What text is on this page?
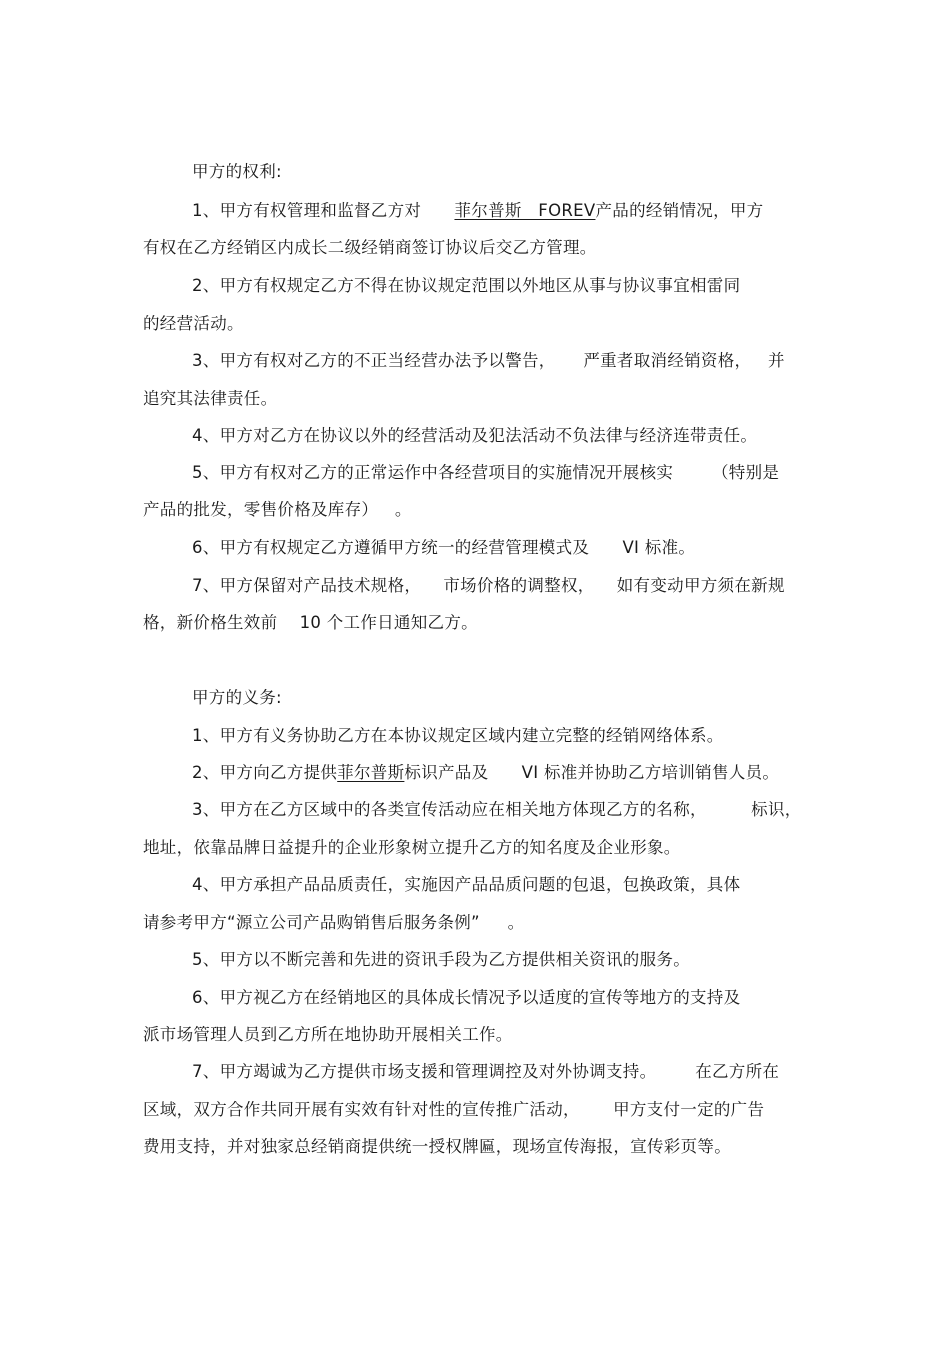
甲方的权利:
1、甲方有权管理和监督乙方对      菲尔普斯   FOREV产品的经销情况，甲方
有权在乙方经销区内成长二级经销商签订协议后交乙方管理。
2、甲方有权规定乙方不得在协议规定范围以外地区从事与协议事宜相雷同
的经营活动。
3、甲方有权对乙方的不正当经营办法予以警告，     严重者取消经销资格，   并
追究其法律责任。
4、甲方对乙方在协议以外的经营活动及犯法活动不负法律与经济连带责任。
5、甲方有权对乙方的正常运作中各经营项目的实施情况开展核实       （特别是
产品的批发，零售价格及库存）   。
6、甲方有权规定乙方遵循甲方统一的经营管理模式及      VI 标准。
7、甲方保留对产品技术规格，    市场价格的调整权，    如有变动甲方须在新规
格，新价格生效前    10 个工作日通知乙方。
甲方的义务:
1、甲方有义务协助乙方在本协议规定区域内建立完整的经销网络体系。
2、甲方向乙方提供菲尔普斯标识产品及      VI 标准并协助乙方培训销售人员。
3、甲方在乙方区域中的各类宣传活动应在相关地方体现乙方的名称，        标识，
地址，依靠品牌日益提升的企业形象树立提升乙方的知名度及企业形象。
4、甲方承担产品品质责任，实施因产品品质问题的包退，包换政策，具体
请参考甲方“源立公司产品购销售后服务条例”     。
5、甲方以不断完善和先进的资讯手段为乙方提供相关资讯的服务。
6、甲方视乙方在经销地区的具体成长情况予以适度的宣传等地方的支持及
派市场管理人员到乙方所在地协助开展相关工作。
7、甲方竭诚为乙方提供市场支援和管理调控及对外协调支持。       在乙方所在
区域，双方合作共同开展有实效有针对性的宣传推广活动，      甲方支付一定的广告
费用支持，并对独家总经销商提供统一授权牌匾，现场宣传海报，宣传彩页等。
